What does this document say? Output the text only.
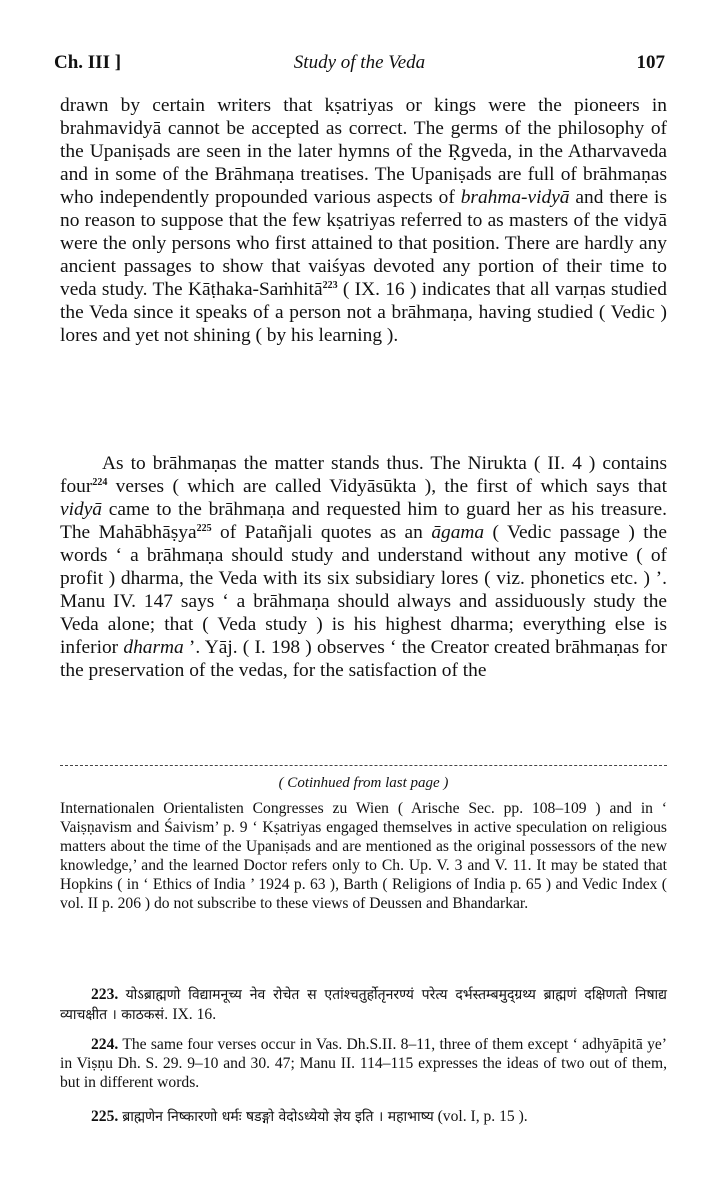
Ch. III ]	Study of the Veda	107

drawn by certain writers that kṣatriyas or kings were the pioneers in brahmavidyā cannot be accepted as correct. The germs of the philosophy of the Upaniṣads are seen in the later hymns of the Ṛgveda, in the Atharvaveda and in some of the Brāhmaṇa treatises. The Upaniṣads are full of brāhmaṇas who independently propounded various aspects of brahma-vidyā and there is no reason to suppose that the few kṣatriyas referred to as masters of the vidyā were the only persons who first attained to that position. There are hardly any ancient passages to show that vaiśyas devoted any portion of their time to veda study. The Kāṭhaka-Saṁhitā$^{223}$ ( IX. 16 ) indicates that all varṇas studied the Veda since it speaks of a person not a brāhmaṇa, having studied ( Vedic ) lores and yet not shining ( by his learning ).

As to brāhmaṇas the matter stands thus. The Nirukta ( II. 4 ) contains four$^{224}$ verses ( which are called Vidyāsūkta ), the first of which says that vidyā came to the brāhmaṇa and requested him to guard her as his treasure. The Mahābhāṣya$^{225}$ of Patañjali quotes as an āgama ( Vedic passage ) the words ‘ a brāhmaṇa should study and understand without any motive ( of profit ) dharma, the Veda with its six subsidiary lores ( viz. phonetics etc. ) ’. Manu IV. 147 says ‘ a brāhmaṇa should always and assiduously study the Veda alone; that ( Veda study ) is his highest dharma; everything else is inferior dharma ’. Yāj. ( I. 198 ) observes ‘ the Creator created brāhmaṇas for the preservation of the vedas, for the satisfaction of the

( Cotinhued from last page )

Internationalen Orientalisten Congresses zu Wien ( Arische Sec. pp. 108–109 ) and in ‘ Vaiṣṇavism and Śaivism’ p. 9 ‘ Kṣatriyas engaged themselves in active speculation on religious matters about the time of the Upaniṣads and are mentioned as the original possessors of the new knowledge,’ and the learned Doctor refers only to Ch. Up. V. 3 and V. 11. It may be stated that Hopkins ( in ‘ Ethics of India ’ 1924 p. 63 ), Barth ( Religions of India p. 65 ) and Vedic Index ( vol. II p. 206 ) do not subscribe to these views of Deussen and Bhandarkar.

223. योऽब्राह्मणो विद्यामनूच्य नेव रोचेत स एतांश्चतुर्होतृनरण्यं परेत्य दर्भस्तम्बमुद्ग्रथ्य ब्राह्मणं दक्षिणतो निषाद्य व्याचक्षीत । काठकसं. IX. 16.

224. The same four verses occur in Vas. Dh.S.II. 8–11, three of them except ‘ adhyāpitā ye’ in Viṣṇu Dh. S. 29. 9–10 and 30. 47; Manu II. 114–115 expresses the ideas of two out of them, but in different words.

225. ब्राह्मणेन निष्कारणो धर्मः षडङ्गो वेदोऽध्येयो ज्ञेय इति । महाभाष्य (vol. I, p. 15 ).
